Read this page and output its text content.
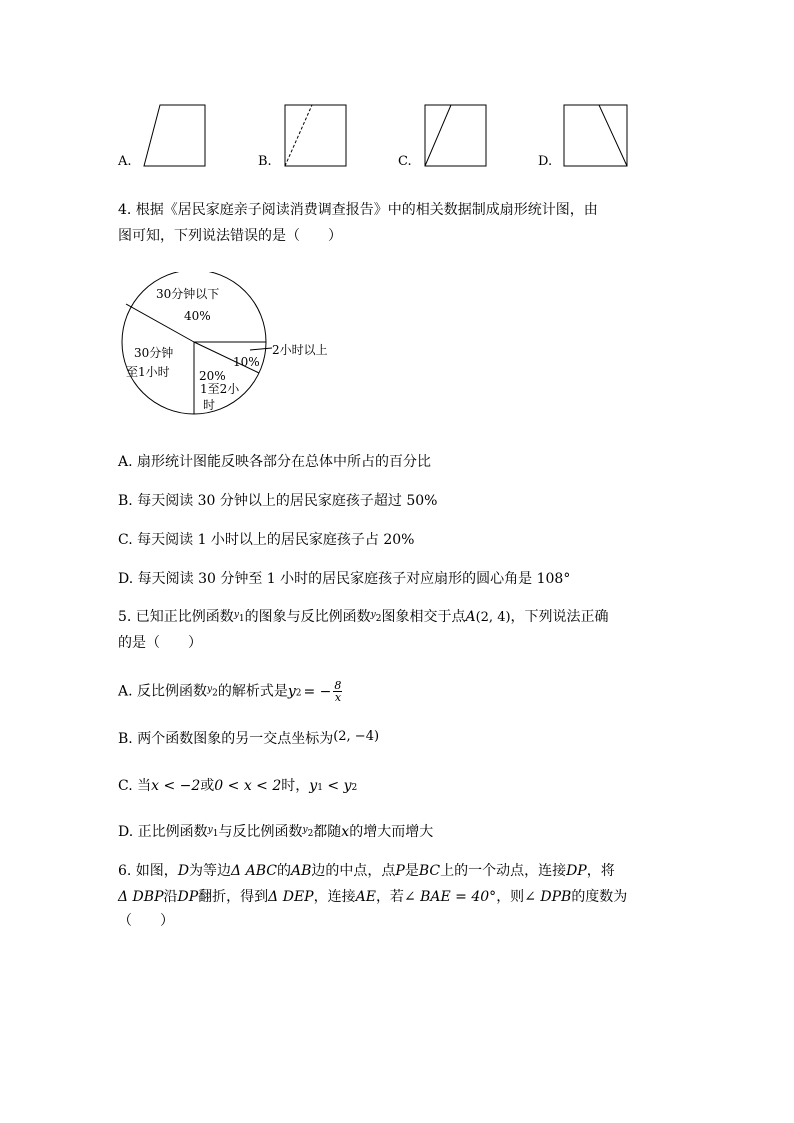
A.	B.	C.	D.
4. 根据《居民家庭亲子阅读消费调查报告》中的相关数据制成扇形统计图，由
图可知，下列说法错误的是（　　）
30分钟以下
40%
30分钟
至1小时
10%
20%
1至2小
时
2小时以上
A. 扇形统计图能反映各部分在总体中所占的百分比
B. 每天阅读 30 分钟以上的居民家庭孩子超过 50%
C. 每天阅读 1 小时以上的居民家庭孩子占 20%
D. 每天阅读 30 分钟至 1 小时的居民家庭孩子对应扇形的圆心角是 108°
5. 已知正比例函数$^y$1的图象与反比例函数$^y$2图象相交于点A(2, 4)，下列说法正确
的是（　　）
A. 反比例函数$^y$2的解析式是y2 = − $\frac{8}{x}$
B. 两个函数图象的另一交点坐标为(2, −4)
C. 当x < −2或0 < x < 2时，y1 < y2
D. 正比例函数$^y$1与反比例函数$^y$2都随x的增大而增大
6. 如图，D为等边Δ ABC的AB边的中点，点P是BC上的一个动点，连接DP，将
Δ DBP沿DP翻折，得到Δ DEP，连接AE，若∠ BAE = 40°，则∠ DPB的度数为
（　　）
